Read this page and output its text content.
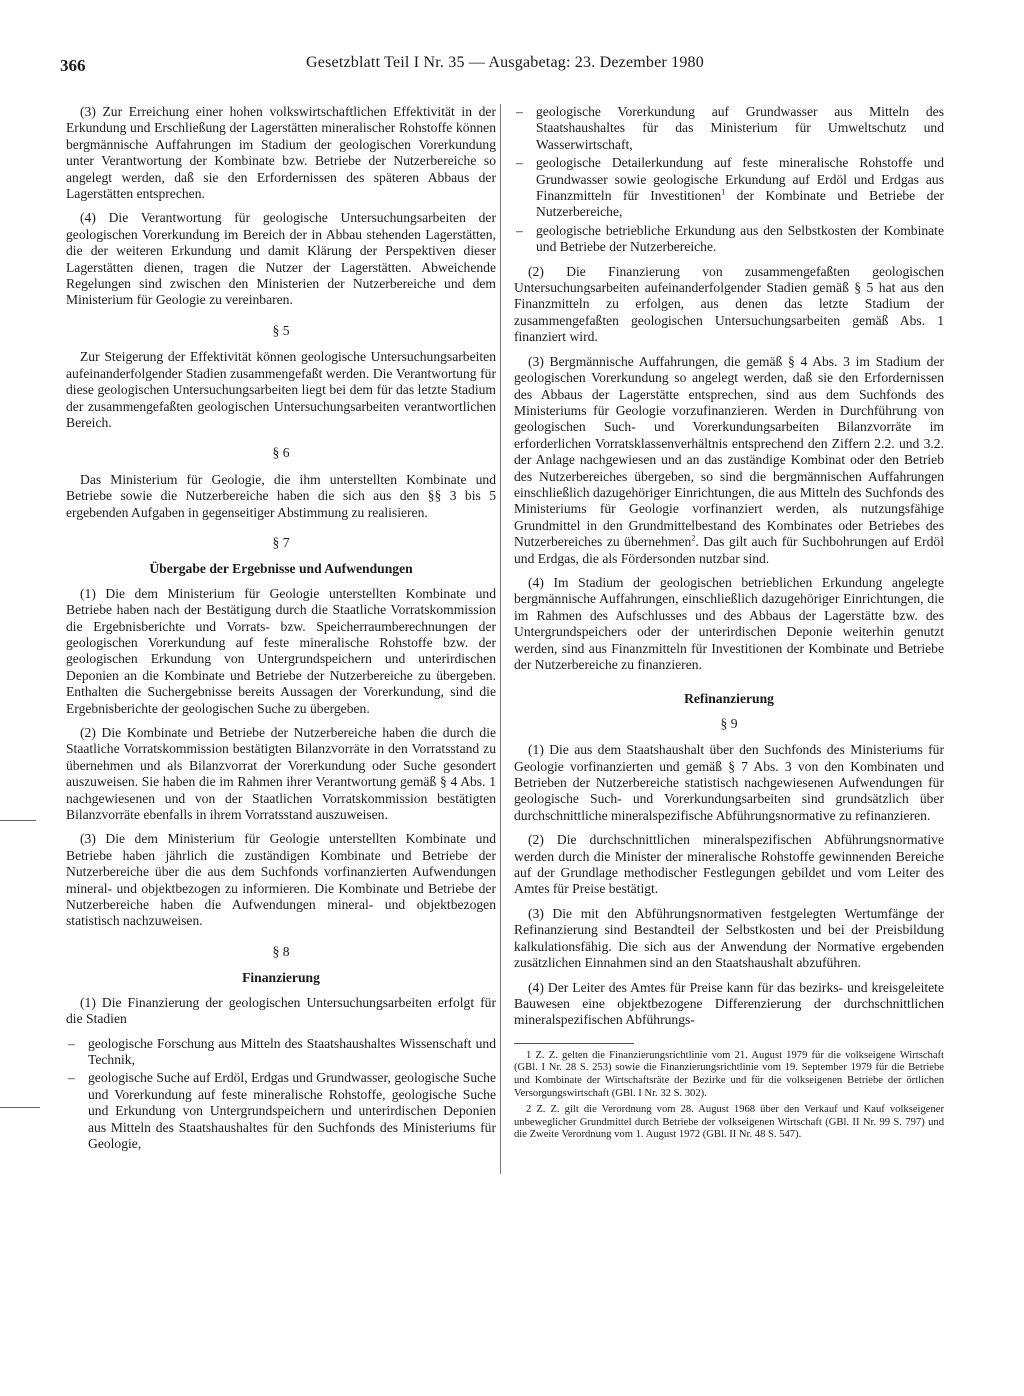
366	Gesetzblatt Teil I Nr. 35 — Ausgabetag: 23. Dezember 1980

(3) Zur Erreichung einer hohen volkswirtschaftlichen Effektivität in der Erkundung und Erschließung der Lagerstätten mineralischer Rohstoffe können bergmännische Auffahrungen im Stadium der geologischen Vorerkundung unter Verantwortung der Kombinate bzw. Betriebe der Nutzerbereiche so angelegt werden, daß sie den Erfordernissen des späteren Abbaus der Lagerstätten entsprechen.

(4) Die Verantwortung für geologische Untersuchungsarbeiten der geologischen Vorerkundung im Bereich der in Abbau stehenden Lagerstätten, die der weiteren Erkundung und damit Klärung der Perspektiven dieser Lagerstätten dienen, tragen die Nutzer der Lagerstätten. Abweichende Regelungen sind zwischen den Ministerien der Nutzerbereiche und dem Ministerium für Geologie zu vereinbaren.

§ 5

Zur Steigerung der Effektivität können geologische Untersuchungsarbeiten aufeinanderfolgender Stadien zusammengefaßt werden. Die Verantwortung für diese geologischen Untersuchungsarbeiten liegt bei dem für das letzte Stadium der zusammengefaßten geologischen Untersuchungsarbeiten verantwortlichen Bereich.

§ 6

Das Ministerium für Geologie, die ihm unterstellten Kombinate und Betriebe sowie die Nutzerbereiche haben die sich aus den §§ 3 bis 5 ergebenden Aufgaben in gegenseitiger Abstimmung zu realisieren.

§ 7
Übergabe der Ergebnisse und Aufwendungen

(1) Die dem Ministerium für Geologie unterstellten Kombinate und Betriebe haben nach der Bestätigung durch die Staatliche Vorratskommission die Ergebnisberichte und Vorrats- bzw. Speicherraumberechnungen der geologischen Vorerkundung auf feste mineralische Rohstoffe bzw. der geologischen Erkundung von Untergrundspeichern und unterirdischen Deponien an die Kombinate und Betriebe der Nutzerbereiche zu übergeben. Enthalten die Suchergebnisse bereits Aussagen der Vorerkundung, sind die Ergebnisberichte der geologischen Suche zu übergeben.

(2) Die Kombinate und Betriebe der Nutzerbereiche haben die durch die Staatliche Vorratskommission bestätigten Bilanzvorräte in den Vorratsstand zu übernehmen und als Bilanzvorrat der Vorerkundung oder Suche gesondert auszuweisen. Sie haben die im Rahmen ihrer Verantwortung gemäß § 4 Abs. 1 nachgewiesenen und von der Staatlichen Vorratskommission bestätigten Bilanzvorräte ebenfalls in ihrem Vorratsstand auszuweisen.

(3) Die dem Ministerium für Geologie unterstellten Kombinate und Betriebe haben jährlich die zuständigen Kombinate und Betriebe der Nutzerbereiche über die aus dem Suchfonds vorfinanzierten Aufwendungen mineral- und objektbezogen zu informieren. Die Kombinate und Betriebe der Nutzerbereiche haben die Aufwendungen mineral- und objektbezogen statistisch nachzuweisen.

§ 8
Finanzierung

(1) Die Finanzierung der geologischen Untersuchungsarbeiten erfolgt für die Stadien

– geologische Forschung aus Mitteln des Staatshaushaltes Wissenschaft und Technik,
– geologische Suche auf Erdöl, Erdgas und Grundwasser, geologische Suche und Vorerkundung auf feste mineralische Rohstoffe, geologische Suche und Erkundung von Untergrundspeichern und unterirdischen Deponien aus Mitteln des Staatshaushaltes für den Suchfonds des Ministeriums für Geologie,
– geologische Vorerkundung auf Grundwasser aus Mitteln des Staatshaushaltes für das Ministerium für Umweltschutz und Wasserwirtschaft,
– geologische Detailerkundung auf feste mineralische Rohstoffe und Grundwasser sowie geologische Erkundung auf Erdöl und Erdgas aus Finanzmitteln für Investitionen$^1$ der Kombinate und Betriebe der Nutzerbereiche,
– geologische betriebliche Erkundung aus den Selbstkosten der Kombinate und Betriebe der Nutzerbereiche.

(2) Die Finanzierung von zusammengefaßten geologischen Untersuchungsarbeiten aufeinanderfolgender Stadien gemäß § 5 hat aus den Finanzmitteln zu erfolgen, aus denen das letzte Stadium der zusammengefaßten geologischen Untersuchungsarbeiten gemäß Abs. 1 finanziert wird.

(3) Bergmännische Auffahrungen, die gemäß § 4 Abs. 3 im Stadium der geologischen Vorerkundung so angelegt werden, daß sie den Erfordernissen des Abbaus der Lagerstätte entsprechen, sind aus dem Suchfonds des Ministeriums für Geologie vorzufinanzieren. Werden in Durchführung von geologischen Such- und Vorerkundungsarbeiten Bilanzvorräte im erforderlichen Vorratsklassenverhältnis entsprechend den Ziffern 2.2. und 3.2. der Anlage nachgewiesen und an das zuständige Kombinat oder den Betrieb des Nutzerbereiches übergeben, so sind die bergmännischen Auffahrungen einschließlich dazugehöriger Einrichtungen, die aus Mitteln des Suchfonds des Ministeriums für Geologie vorfinanziert werden, als nutzungsfähige Grundmittel in den Grundmittelbestand des Kombinates oder Betriebes des Nutzerbereiches zu übernehmen$^2$. Das gilt auch für Suchbohrungen auf Erdöl und Erdgas, die als Fördersonden nutzbar sind.

(4) Im Stadium der geologischen betrieblichen Erkundung angelegte bergmännische Auffahrungen, einschließlich dazugehöriger Einrichtungen, die im Rahmen des Aufschlusses und des Abbaus der Lagerstätte bzw. des Untergrundspeichers oder der unterirdischen Deponie weiterhin genutzt werden, sind aus Finanzmitteln für Investitionen der Kombinate und Betriebe der Nutzerbereiche zu finanzieren.

Refinanzierung
§ 9

(1) Die aus dem Staatshaushalt über den Suchfonds des Ministeriums für Geologie vorfinanzierten und gemäß § 7 Abs. 3 von den Kombinaten und Betrieben der Nutzerbereiche statistisch nachgewiesenen Aufwendungen für geologische Such- und Vorerkundungsarbeiten sind grundsätzlich über durchschnittliche mineralspezifische Abführungsnormative zu refinanzieren.

(2) Die durchschnittlichen mineralspezifischen Abführungsnormative werden durch die Minister der mineralische Rohstoffe gewinnenden Bereiche auf der Grundlage methodischer Festlegungen gebildet und vom Leiter des Amtes für Preise bestätigt.

(3) Die mit den Abführungsnormativen festgelegten Wertumfänge der Refinanzierung sind Bestandteil der Selbstkosten und bei der Preisbildung kalkulationsfähig. Die sich aus der Anwendung der Normative ergebenden zusätzlichen Einnahmen sind an den Staatshaushalt abzuführen.

(4) Der Leiter des Amtes für Preise kann für das bezirks- und kreisgeleitete Bauwesen eine objektbezogene Differenzierung der durchschnittlichen mineralspezifischen Abführungs-

1 Z. Z. gelten die Finanzierungsrichtlinie vom 21. August 1979 für die volkseigene Wirtschaft (GBl. I Nr. 28 S. 253) sowie die Finanzierungsrichtlinie vom 19. September 1979 für die Betriebe und Kombinate der Wirtschaftsräte der Bezirke und für die volkseigenen Betriebe der örtlichen Versorgungswirtschaft (GBl. I Nr. 32 S. 302).

2 Z. Z. gilt die Verordnung vom 28. August 1968 über den Verkauf und Kauf volkseigener unbeweglicher Grundmittel durch Betriebe der volkseigenen Wirtschaft (GBl. II Nr. 99 S. 797) und die Zweite Verordnung vom 1. August 1972 (GBl. II Nr. 48 S. 547).
